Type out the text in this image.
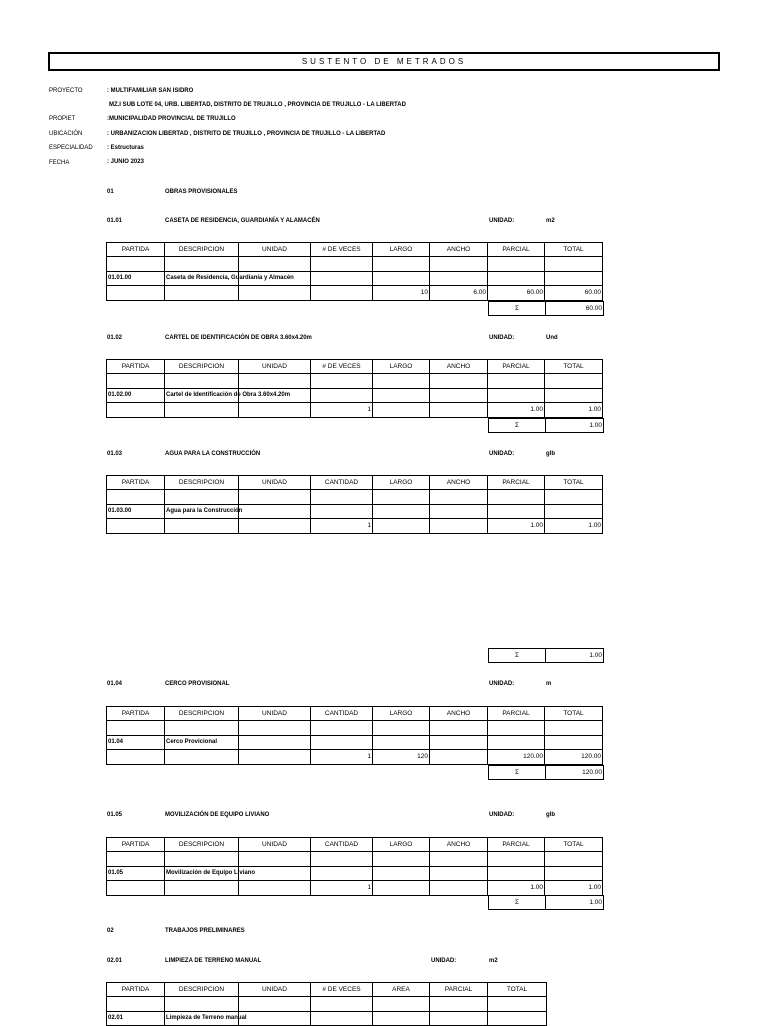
SUSTENTO DE METRADOS
PROYECTO	: MULTIFAMILIAR SAN ISIDRO
MZ.I SUB LOTE 04, URB. LIBERTAD, DISTRITO DE TRUJILLO , PROVINCIA DE TRUJILLO - LA LIBERTAD
PROPIET	:MUNICIPALIDAD PROVINCIAL DE TRUJILLO
UBICACIÓN	: URBANIZACION LIBERTAD , DISTRITO DE TRUJILLO , PROVINCIA DE TRUJILLO - LA LIBERTAD
ESPECIALIDAD : Estructuras
FECHA	: JUNIO 2023
01	OBRAS PROVISIONALES
01.01	CASETA DE RESIDENCIA, GUARDIANÍA Y ALAMACÉN	UNIDAD:	m2
PARTIDA	DESCRIPCION	UNIDAD	# DE VECES	LARGO	ANCHO	PARCIAL	TOTAL

01.01.00	Caseta de Residencia, Guardianía y Almacén						
				10	6.00	60.00	60.00
Σ	60.00
01.02	CARTEL DE IDENTIFICACIÓN DE OBRA 3.60x4.20m	UNIDAD:	Und
PARTIDA	DESCRIPCION	UNIDAD	# DE VECES	LARGO	ANCHO	PARCIAL	TOTAL

01.02.00	Cartel de Identificación de Obra 3.60x4.20m						
			1			1.00	1.00
Σ	1.00
01.03	AGUA PARA LA CONSTRUCCIÓN	UNIDAD:	glb
PARTIDA	DESCRIPCION	UNIDAD	CANTIDAD	LARGO	ANCHO	PARCIAL	TOTAL

01.03.00	Agua para la Construcción						
			1			1.00	1.00
Σ	1.00
01.04	CERCO PROVISIONAL	UNIDAD:	m
PARTIDA	DESCRIPCION	UNIDAD	CANTIDAD	LARGO	ANCHO	PARCIAL	TOTAL

01.04	Cerco Provicional						
			1	120		120.00	120.00
Σ	120.00
01.05	MOVILIZACIÓN DE EQUIPO LIVIANO	UNIDAD:	glb
PARTIDA	DESCRIPCION	UNIDAD	CANTIDAD	LARGO	ANCHO	PARCIAL	TOTAL

01.05	Movilización de Equipo Liviano						
			1			1.00	1.00
Σ	1.00
02	TRABAJOS PRELIMINARES
02.01	LIMPIEZA DE TERRENO MANUAL	UNIDAD:	m2
PARTIDA	DESCRIPCION	UNIDAD	# DE VECES	AREA	PARCIAL	TOTAL

02.01	Limpieza de Terreno manual					
